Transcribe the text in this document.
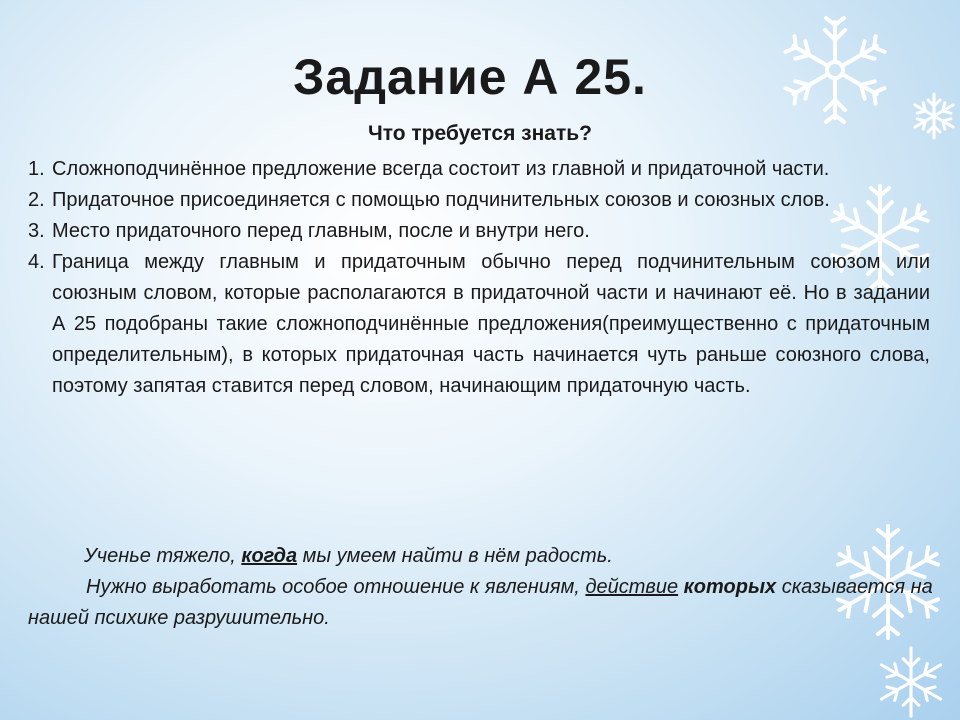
Задание А 25.
Что требуется знать?
1. Сложноподчинённое предложение всегда состоит из главной и придаточной части.
2. Придаточное присоединяется с помощью подчинительных союзов и союзных слов.
3. Место придаточного перед главным, после и внутри него.
4. Граница между главным и придаточным обычно перед подчинительным союзом или союзным словом, которые располагаются в придаточной части и начинают её. Но в задании А 25 подобраны такие сложноподчинённые предложения(преимущественно с придаточным определительным), в которых придаточная часть начинается чуть раньше союзного слова, поэтому запятая ставится перед словом, начинающим придаточную часть.
Ученье тяжело, когда мы умеем найти в нём радость.
Нужно выработать особое отношение к явлениям, действие которых сказывается на нашей психике разрушительно.
